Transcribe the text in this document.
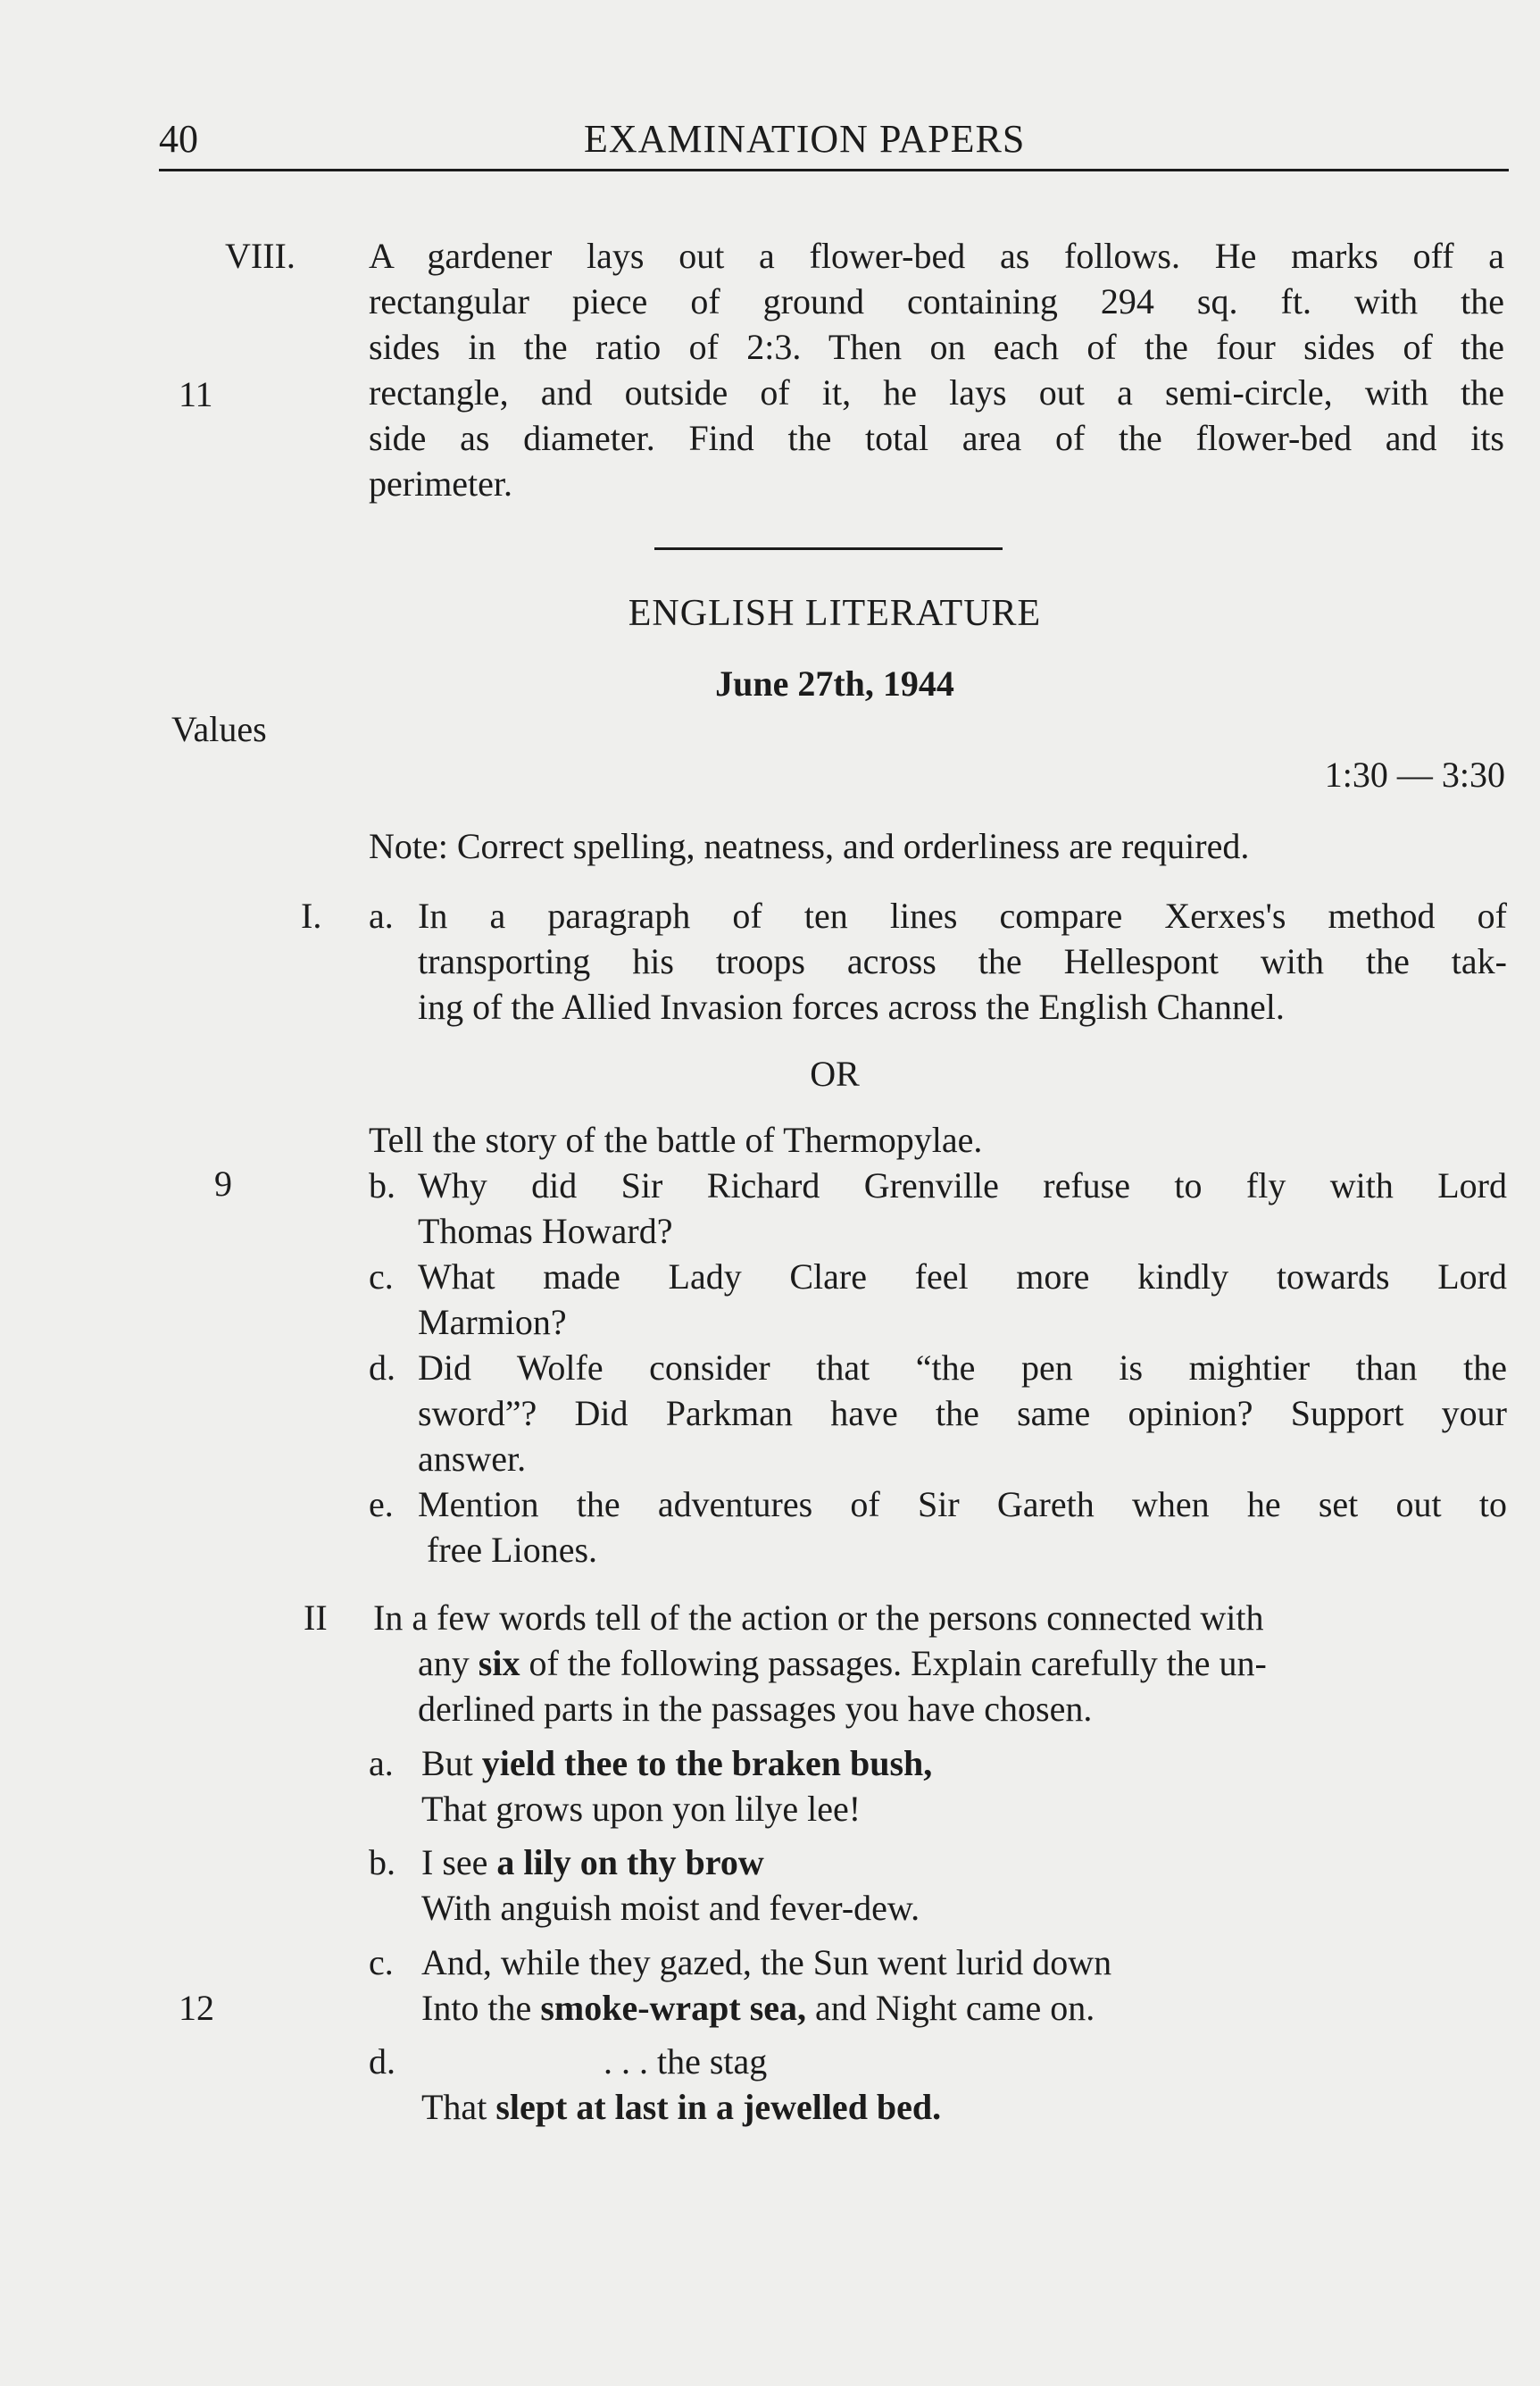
40	EXAMINATION PAPERS
VIII.
11
A gardener lays out a flower-bed as follows. He marks off a
rectangular piece of ground containing 294 sq. ft. with the
sides in the ratio of 2:3. Then on each of the four sides of the
rectangle, and outside of it, he lays out a semi-circle, with the
side as diameter. Find the total area of the flower-bed and its
perimeter.
ENGLISH LITERATURE
June 27th, 1944
Values
1:30 — 3:30
Note: Correct spelling, neatness, and orderliness are required.
I.
9
a. In a paragraph of ten lines compare Xerxes's method of
transporting his troops across the Hellespont with the tak-
ing of the Allied Invasion forces across the English Channel.
OR
Tell the story of the battle of Thermopylae.
b. Why did Sir Richard Grenville refuse to fly with Lord
Thomas Howard?
c. What made Lady Clare feel more kindly towards Lord
Marmion?
d. Did Wolfe consider that “the pen is mightier than the
sword”? Did Parkman have the same opinion? Support your
answer.
e. Mention the adventures of Sir Gareth when he set out to
free Liones.
II
12
In a few words tell of the action or the persons connected with
any six of the following passages. Explain carefully the un-
derlined parts in the passages you have chosen.
a. But yield thee to the braken bush,
That grows upon yon lilye lee!
b. I see a lily on thy brow
With anguish moist and fever-dew.
c. And, while they gazed, the Sun went lurid down
Into the smoke-wrapt sea, and Night came on.
d.	. . . the stag
That slept at last in a jewelled bed.
